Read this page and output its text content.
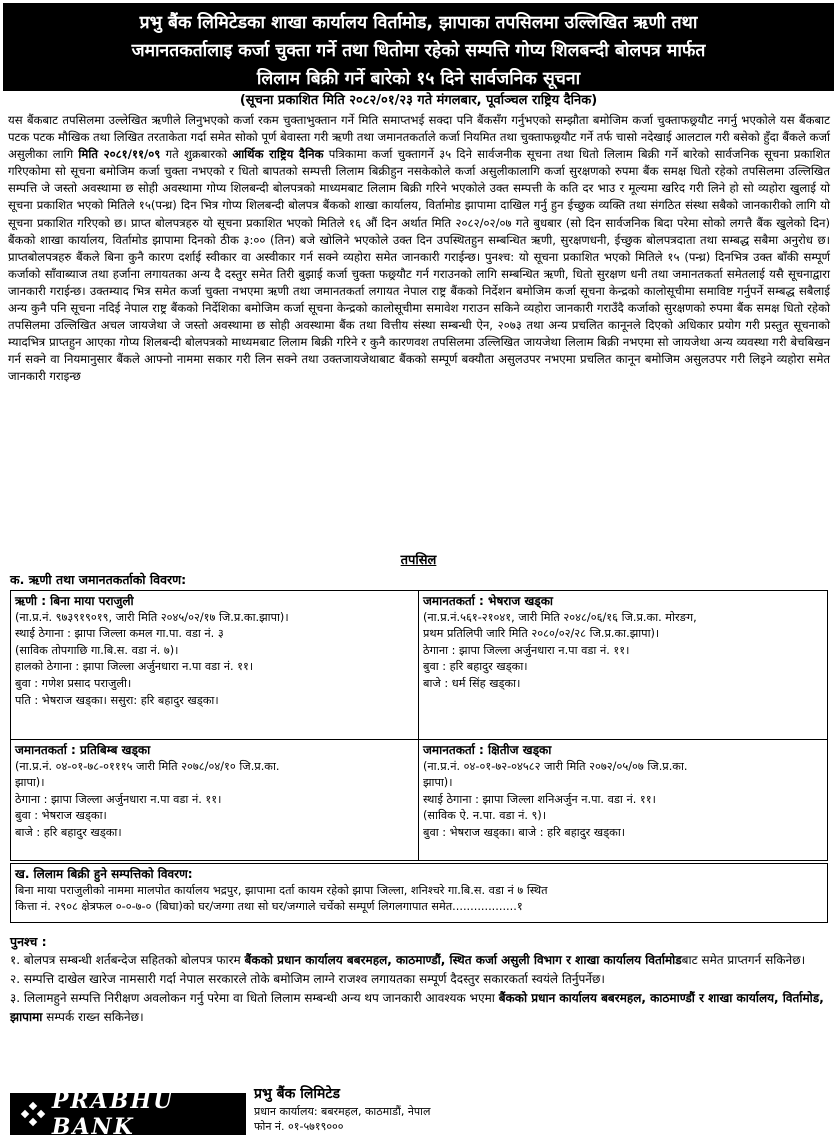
प्रभु बैंक लिमिटेडका शाखा कार्यालय विर्तामोड, झापाका तपसिलमा उल्लिखित ऋणी तथा
जमानतकर्तालाइ कर्जा चुक्ता गर्ने तथा धितोमा रहेको सम्पत्ति गोप्य शिलबन्दी बोलपत्र मार्फत
लिलाम बिक्री गर्ने बारेको १५ दिने सार्वजनिक सूचना
(सूचना प्रकाशित मिति २०८२/०१/२३ गते मंगलबार, पूर्वाञ्चल राष्ट्रिय दैनिक)
यस बैंकबाट तपसिलमा उल्लेखित ऋणीले लिनुभएको कर्जा रकम चुक्ताभुक्तान गर्ने मिति समाप्तभई सक्दा पनि बैंकसँग गर्नुभएको सम्झौता बमोजिम कर्जा चुक्ताफछ्र्यौट नगर्नु भएकोले यस बैंकबाट पटक पटक मौखिक तथा लिखित तरताकेता गर्दा समेत सोको पूर्ण बेवास्ता गरी ऋणी तथा जमानतकर्ताले कर्जा नियमित तथा चुक्ताफछ्र्यौट गर्ने तर्फ चासो नदेखाई आलटाल गरी बसेको हुँदा बैंकले कर्जा असुलीका लागि मिति २०८१/११/०९ गते शुक्रबारको आर्थिक राष्ट्रिय दैनिक पत्रिकामा कर्जा चुक्तागर्ने ३५ दिने सार्वजनीक सूचना तथा धितो लिलाम बिक्री गर्ने बारेको सार्वजनिक सूचना प्रकाशित गरिएकोमा सो सूचना बमोजिम कर्जा चुक्ता नभएको र धितो बापतको सम्पत्ती लिलाम बिक्रीहुन नसकेकोले कर्जा असुलीकालागि कर्जा सुरक्षणको रुपमा बैंक समक्ष धितो रहेको तपसिलमा उल्लिखित सम्पत्ति जे जस्तो अवस्थामा छ सोही अवस्थामा गोप्य शिलबन्दी बोलपत्रको माध्यमबाट लिलाम बिक्री गरिने भएकोले उक्त सम्पत्ती के कति दर भाउ र मूल्यमा खरिद गरी लिने हो सो व्यहोरा खुलाई यो सूचना प्रकाशित भएको मितिले १५(पन्ध्र) दिन भित्र गोप्य शिलबन्दी बोलपत्र बैंकको शाखा कार्यालय, विर्तामोड झापामा दाखिल गर्नु हुन ईच्छुक व्यक्ति तथा संगठित संस्था सबैको जानकारीको लागि यो सूचना प्रकाशित गरिएको छ। प्राप्त बोलपत्रहरु यो सूचना प्रकाशित भएको मितिले १६ औं दिन अर्थात मिति २०८२/०२/०७ गते बुधबार (सो दिन सार्वजनिक बिदा परेमा सोको लगत्तै बैंक खुलेको दिन) बैंकको शाखा कार्यालय, विर्तामोड झापामा दिनको ठीक ३:०० (तिन) बजे खोलिने भएकोले उक्त दिन उपस्थितहुन सम्बन्धित ऋणी, सुरक्षणधनी, ईच्छुक बोलपत्रदाता तथा सम्बद्ध सबैमा अनुरोध छ। प्राप्तबोलपत्रहरु बैंकले बिना कुनै कारण दर्शाई स्वीकार वा अस्वीकार गर्न सक्ने व्यहोरा समेत जानकारी गराईन्छ। पुनश्च: यो सूचना प्रकाशित भएको मितिले १५ (पन्ध्र) दिनभित्र उक्त बाँकी सम्पूर्ण कर्जाको साँवाब्याज तथा हर्जाना लगायतका अन्य दै दस्तुर समेत तिरी बुझाई कर्जा चुक्ता फछ्र्यौट गर्न गराउनको लागि सम्बन्धित ऋणी, धितो सुरक्षण धनी तथा जमानतकर्ता समेतलाई यसै सूचनाद्वारा जानकारी गराईन्छ। उक्तम्याद भित्र समेत कर्जा चुक्ता नभएमा ऋणी तथा जमानतकर्ता लगायत नेपाल राष्ट्र बैंकको निर्देशन बमोजिम कर्जा सूचना केन्द्रको कालोसूचीमा समाविष्ट गर्नुपर्ने सम्बद्ध सबैलाई अन्य कुनै पनि सूचना नदिई नेपाल राष्ट्र बैंकको निर्देशिका बमोजिम कर्जा सूचना केन्द्रको कालोसूचीमा समावेश गराउन सकिने व्यहोरा जानकारी गराउँदै कर्जाको सुरक्षणको रुपमा बैंक समक्ष धितो रहेको तपसिलमा उल्लिखित अचल जायजेथा जे जस्तो अवस्थामा छ सोही अवस्थामा बैंक तथा वित्तीय संस्था सम्बन्धी ऐन, २०७३ तथा अन्य प्रचलित कानूनले दिएको अधिकार प्रयोग गरी प्रस्तुत सूचनाको म्यादभित्र प्राप्तहुन आएका गोप्य शिलबन्दी बोलपत्रको माध्यमबाट लिलाम बिक्री गरिने र कुनै कारणवश तपसिलमा उल्लिखित जायजेथा लिलाम बिक्री नभएमा सो जायजेथा अन्य व्यवस्था गरी बेचबिखन गर्न सक्ने वा नियमानुसार बैंकले आफ्नो नाममा सकार गरी लिन सक्ने तथा उक्तजायजेथाबाट बैंकको सम्पूर्ण बक्यौता असुलउपर नभएमा प्रचलित कानून बमोजिम असुलउपर गरी लिइने व्यहोरा समेत जानकारी गराइन्छ
तपसिल
क. ऋणी तथा जमानतकर्ताको विवरण:
ऋणी : बिना माया पराजुली
(ना.प्र.नं. ९७३९१९०१९, जारी मिति २०४५/०२/१७ जि.प्र.का.झापा)।
स्थाई ठेगाना : झापा जिल्ला कमल गा.पा. वडा नं. ३
(साविक तोपगाछि गा.बि.स. वडा नं. ७)।
हालको ठेगाना : झापा जिल्ला अर्जुनधारा न.पा वडा नं. ११।
बुवा : गणेश प्रसाद पराजुली।
पति : भेषराज खड्का। ससुरा: हरि बहादुर खड्का।
जमानतकर्ता : भेषराज खड्का
(ना.प्र.नं.५६१-२१०४१, जारी मिति २०४८/०६/१६ जि.प्र.का. मोरङग,
प्रथम प्रतिलिपी जारि मिति २०८०/०२/२८ जि.प्र.का.झापा)।
ठेगाना : झापा जिल्ला अर्जुनधारा न.पा वडा नं. ११।
बुवा : हरि बहादुर खड्का।
बाजे : धर्म सिंह खड्का।
जमानतकर्ता : प्रतिबिम्ब खड्का
(ना.प्र.नं. ०४-०१-७८-०१११५ जारी मिति २०७८/०४/१० जि.प्र.का.
झापा)।
ठेगाना : झापा जिल्ला अर्जुनधारा न.पा वडा नं. ११।
बुवा : भेषराज खड्का।
बाजे : हरि बहादुर खड्का।
जमानतकर्ता : क्षितीज खड्का
(ना.प्र.नं. ०४-०१-७२-०४५८२ जारी मिति २०७२/०५/०७ जि.प्र.का.
झापा)।
स्थाई ठेगाना : झापा जिल्ला शनिअर्जुन न.पा. वडा नं. ११।
(साविक ऐ. न.पा. वडा नं. ९)।
बुवा : भेषराज खड्का। बाजे : हरि बहादुर खड्का।
ख. लिलाम बिक्री हुने सम्पत्तिको विवरण:
बिना माया पराजुलीको नाममा मालपोत कार्यालय भद्रपुर, झापामा दर्ता कायम रहेको झापा जिल्ला, शनिश्चरे गा.बि.स. वडा नं ७ स्थित
कित्ता नं. २९०८ क्षेत्रफल ०-०-७-० (बिघा)को घर/जग्गा तथा सो घर/जग्गाले चर्चेको सम्पूर्ण लिगलगापात समेत..................१
पुनश्च :
१. बोलपत्र सम्बन्धी शर्तबन्देज सहितको बोलपत्र फारम बैंकको प्रधान कार्यालय बबरमहल, काठमाण्डौं, स्थित कर्जा असुली विभाग र शाखा कार्यालय विर्तामोडबाट समेत प्राप्तगर्न सकिनेछ।
२. सम्पत्ति दाखेल खारेज नामसारी गर्दा नेपाल सरकारले तोके बमोजिम लाग्ने राजश्व लगायतका सम्पूर्ण दैदस्तुर सकारकर्ता स्वयंले तिर्नुपर्नेछ।
३. लिलामहुने सम्पत्ति निरीक्षण अवलोकन गर्नु परेमा वा धितो लिलाम सम्बन्धी अन्य थप जानकारी आवश्यक भएमा बैंकको प्रधान कार्यालय बबरमहल, काठमाण्डौं र शाखा कार्यालय, विर्तामोड, झापामा सम्पर्क राख्न सकिनेछ।
PRABHU BANK
प्रभु बैंक लिमिटेड
प्रधान कार्यालय: बबरमहल, काठमाडौं, नेपाल
फोन नं. ०१-५७१९०००
